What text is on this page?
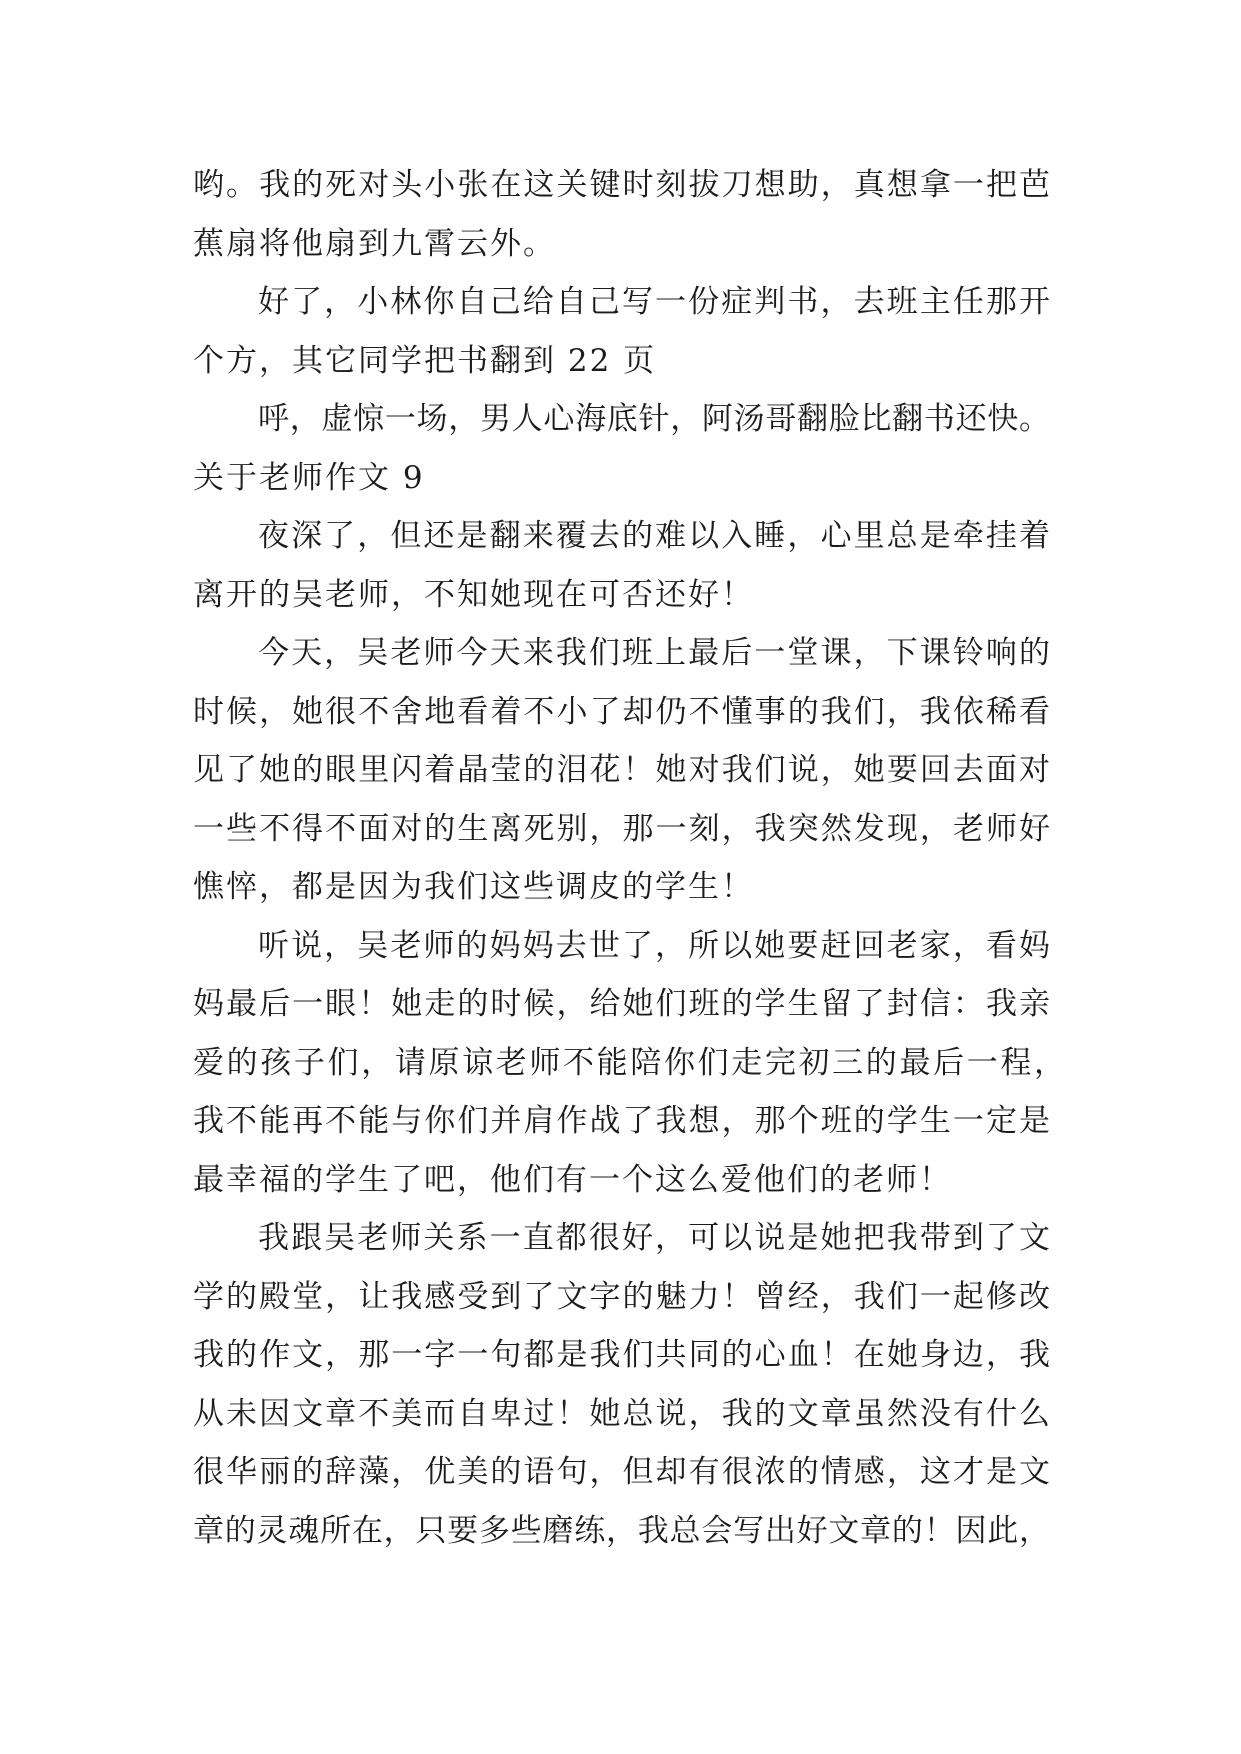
哟。我的死对头小张在这关键时刻拔刀想助，真想拿一把芭
蕉扇将他扇到九霄云外。
好了，小林你自己给自己写一份症判书，去班主任那开
个方，其它同学把书翻到 22 页
呼，虚惊一场，男人心海底针，阿汤哥翻脸比翻书还快。
关于老师作文 9
夜深了，但还是翻来覆去的难以入睡，心里总是牵挂着
离开的吴老师，不知她现在可否还好！
今天，吴老师今天来我们班上最后一堂课，下课铃响的
时候，她很不舍地看着不小了却仍不懂事的我们，我依稀看
见了她的眼里闪着晶莹的泪花！她对我们说，她要回去面对
一些不得不面对的生离死别，那一刻，我突然发现，老师好
憔悴，都是因为我们这些调皮的学生！
听说，吴老师的妈妈去世了，所以她要赶回老家，看妈
妈最后一眼！她走的时候，给她们班的学生留了封信：我亲
爱的孩子们，请原谅老师不能陪你们走完初三的最后一程，
我不能再不能与你们并肩作战了我想，那个班的学生一定是
最幸福的学生了吧，他们有一个这么爱他们的老师！
我跟吴老师关系一直都很好，可以说是她把我带到了文
学的殿堂，让我感受到了文字的魅力！曾经，我们一起修改
我的作文，那一字一句都是我们共同的心血！在她身边，我
从未因文章不美而自卑过！她总说，我的文章虽然没有什么
很华丽的辞藻，优美的语句，但却有很浓的情感，这才是文
章的灵魂所在，只要多些磨练，我总会写出好文章的！因此，
